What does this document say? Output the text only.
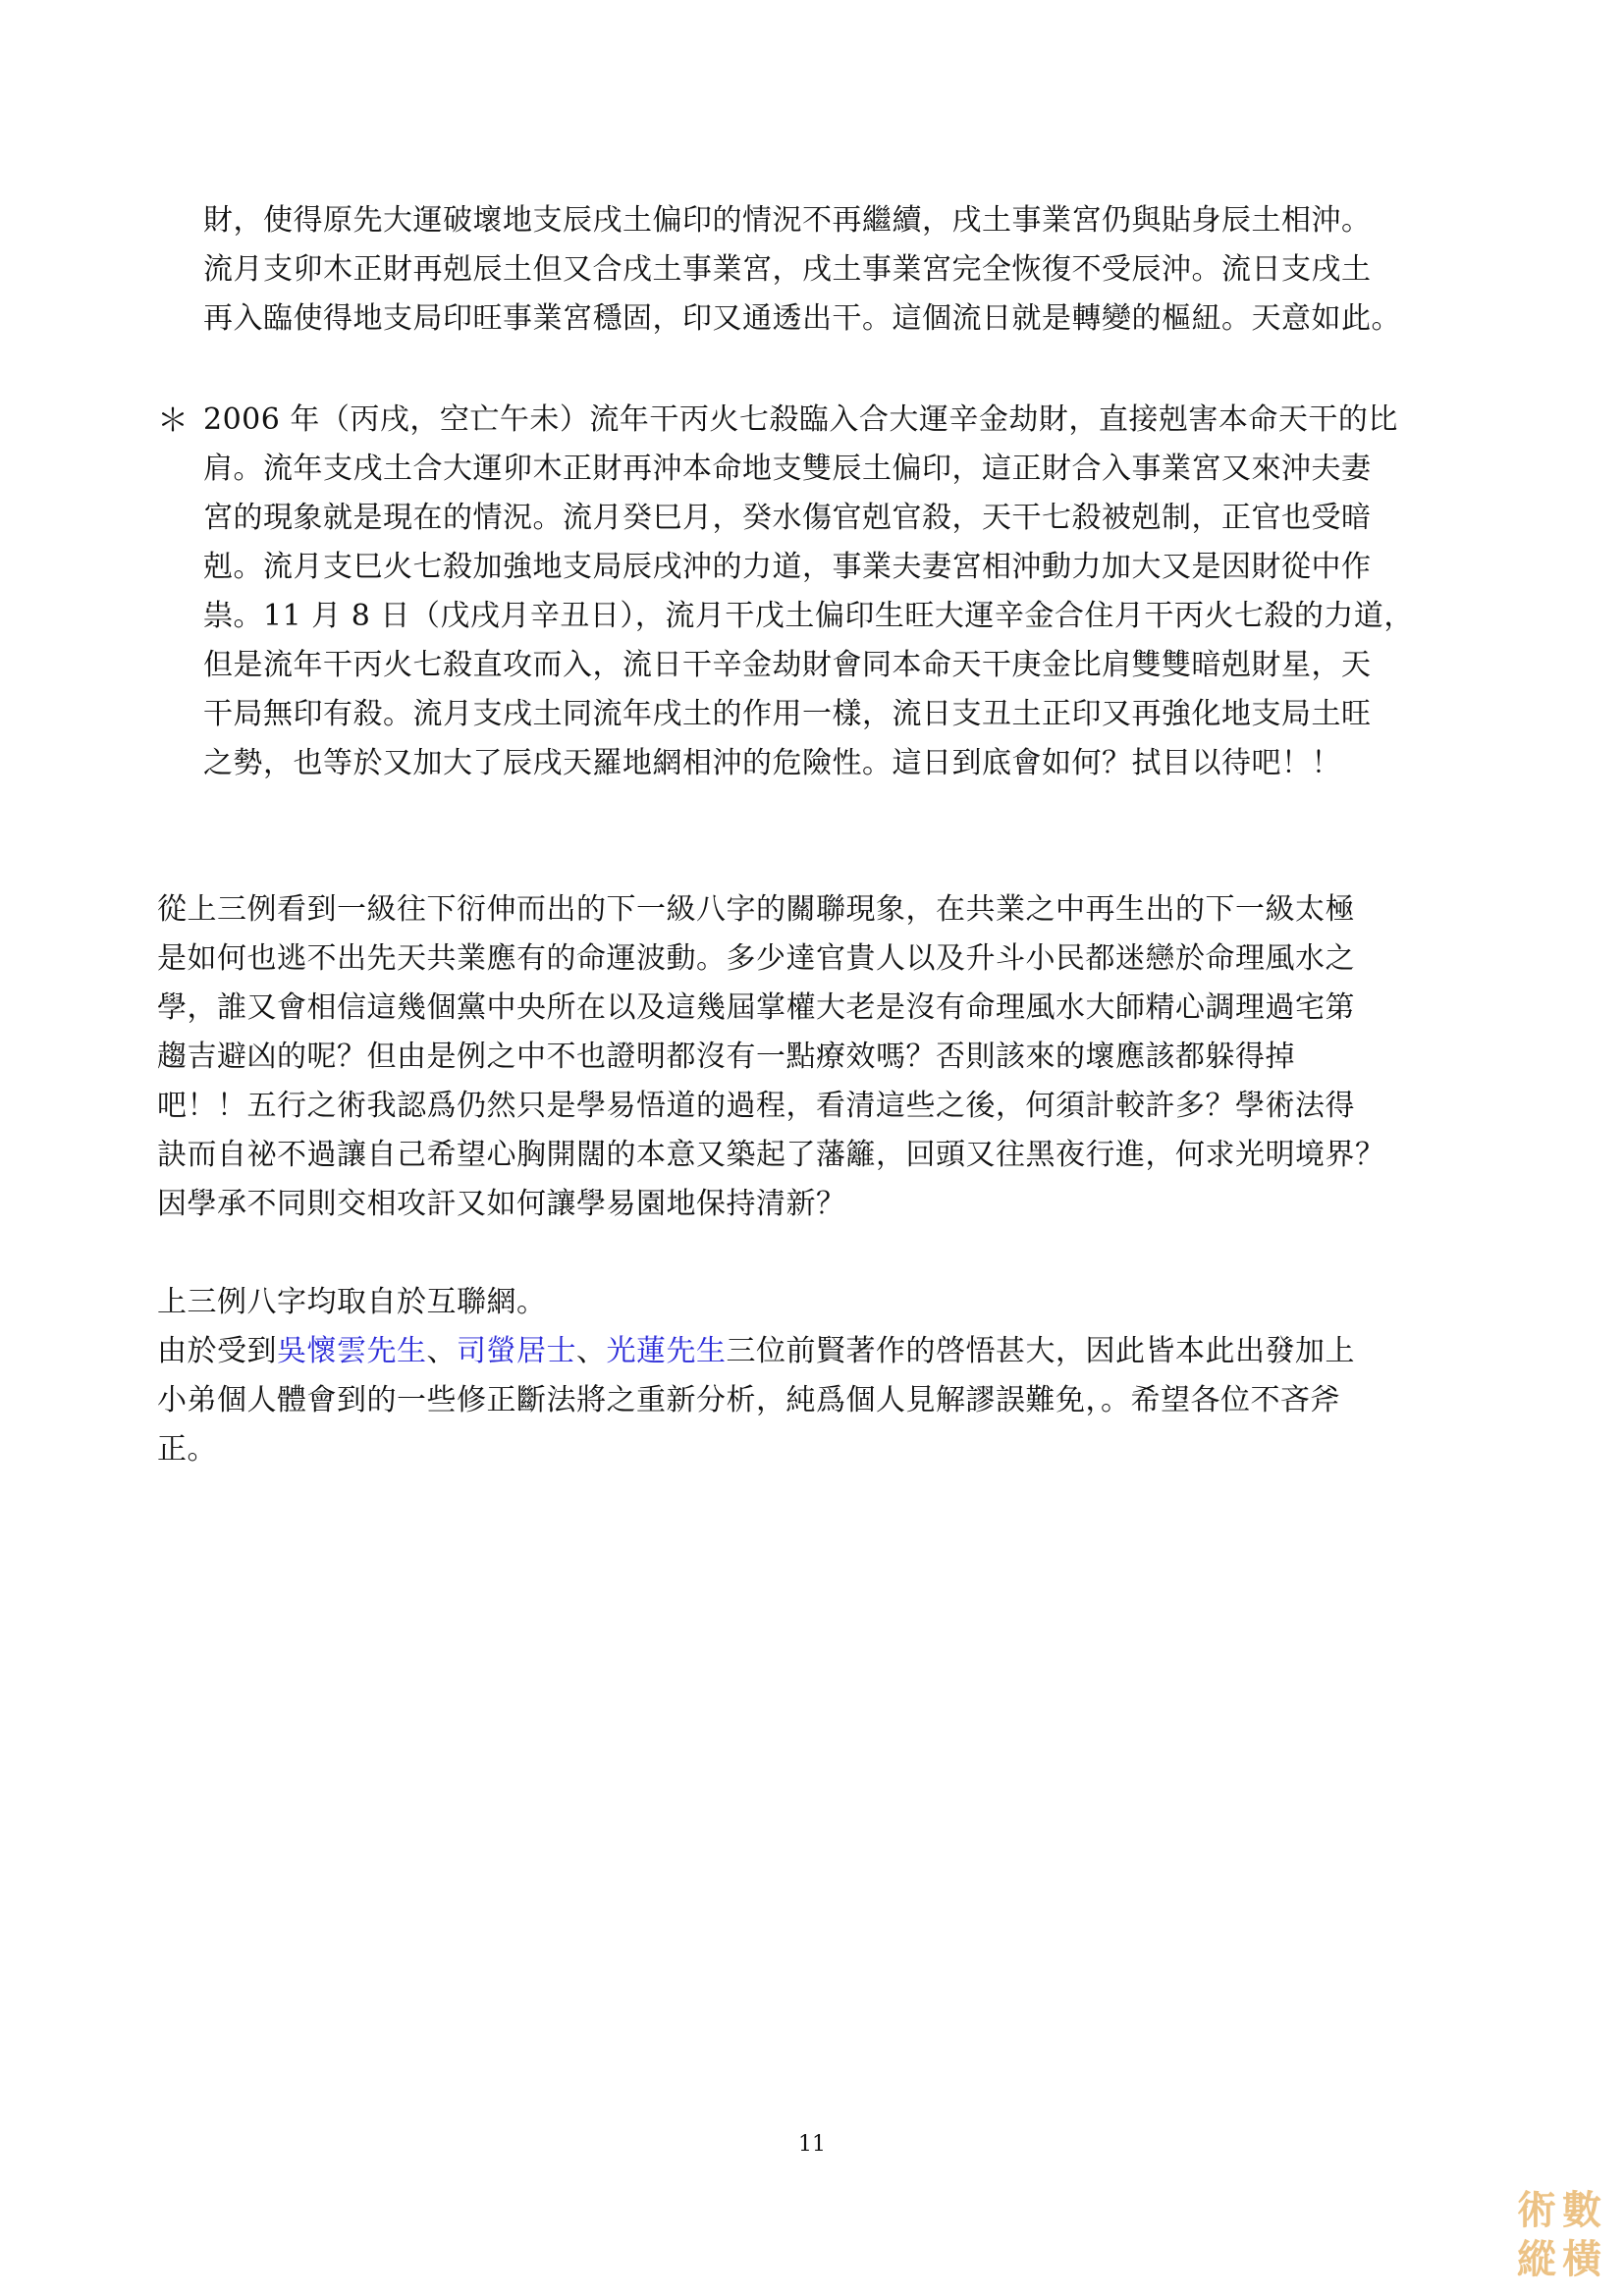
財，使得原先大運破壞地支辰戌土偏印的情況不再繼續，戌土事業宮仍與貼身辰土相沖。
流月支卯木正財再剋辰土但又合戌土事業宮，戌土事業宮完全恢復不受辰沖。流日支戌土
再入臨使得地支局印旺事業宮穩固，印又通透出干。這個流日就是轉變的樞紐。天意如此。
＊ 2006 年（丙戌，空亡午未）流年干丙火七殺臨入合大運辛金劫財，直接剋害本命天干的比
肩。流年支戌土合大運卯木正財再沖本命地支雙辰土偏印，這正財合入事業宮又來沖夫妻
宮的現象就是現在的情況。流月癸巳月，癸水傷官剋官殺，天干七殺被剋制，正官也受暗
剋。流月支巳火七殺加強地支局辰戌沖的力道，事業夫妻宮相沖動力加大又是因財從中作
祟。11 月 8 日（戊戌月辛丑日），流月干戊土偏印生旺大運辛金合住月干丙火七殺的力道，
但是流年干丙火七殺直攻而入，流日干辛金劫財會同本命天干庚金比肩雙雙暗剋財星，天
干局無印有殺。流月支戌土同流年戌土的作用一樣，流日支丑土正印又再強化地支局土旺
之勢，也等於又加大了辰戌天羅地網相沖的危險性。這日到底會如何？拭目以待吧！！
從上三例看到一級往下衍伸而出的下一級八字的關聯現象，在共業之中再生出的下一級太極
是如何也逃不出先天共業應有的命運波動。多少達官貴人以及升斗小民都迷戀於命理風水之
學，誰又會相信這幾個黨中央所在以及這幾屆掌權大老是沒有命理風水大師精心調理過宅第
趨吉避凶的呢？但由是例之中不也證明都沒有一點療效嗎？否則該來的壞應該都躲得掉
吧！！五行之術我認爲仍然只是學易悟道的過程，看清這些之後，何須計較許多？學術法得
訣而自祕不過讓自己希望心胸開闊的本意又築起了藩籬，回頭又往黑夜行進，何求光明境界？
因學承不同則交相攻訐又如何讓學易園地保持清新？
上三例八字均取自於互聯網。
由於受到吳懷雲先生、司螢居士、光蓮先生三位前賢著作的啓悟甚大，因此皆本此出發加上
小弟個人體會到的一些修正斷法將之重新分析，純爲個人見解謬誤難免，。希望各位不吝斧
正。
11
術 數縱 橫
